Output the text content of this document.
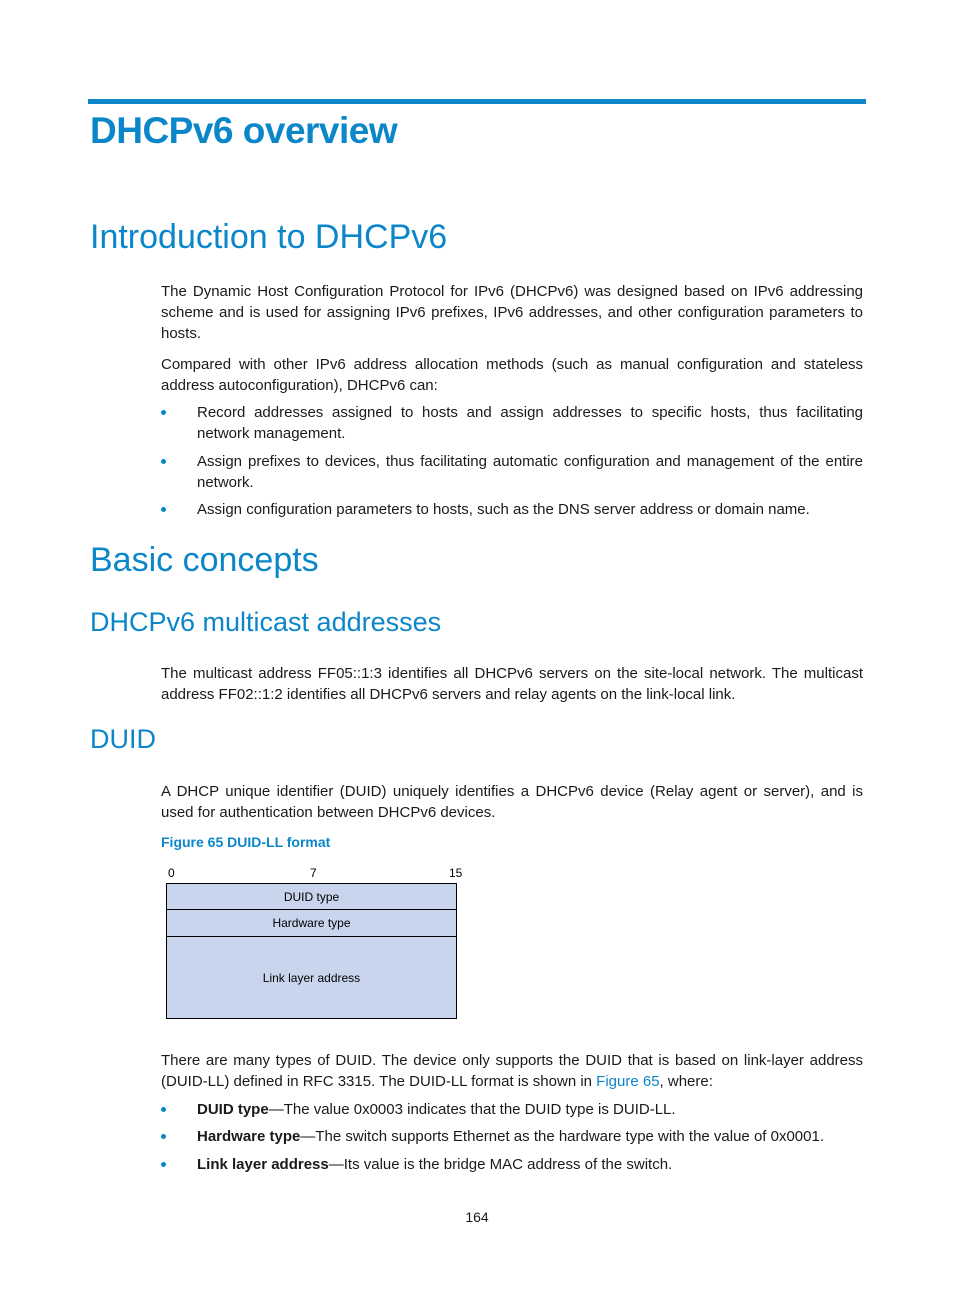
DHCPv6 overview
Introduction to DHCPv6

The Dynamic Host Configuration Protocol for IPv6 (DHCPv6) was designed based on IPv6 addressing scheme and is used for assigning IPv6 prefixes, IPv6 addresses, and other configuration parameters to hosts.

Compared with other IPv6 address allocation methods (such as manual configuration and stateless address autoconfiguration), DHCPv6 can:

Record addresses assigned to hosts and assign addresses to specific hosts, thus facilitating network management.
Assign prefixes to devices, thus facilitating automatic configuration and management of the entire network.
Assign configuration parameters to hosts, such as the DNS server address or domain name.
Basic concepts
DHCPv6 multicast addresses

The multicast address FF05::1:3 identifies all DHCPv6 servers on the site-local network. The multicast address FF02::1:2 identifies all DHCPv6 servers and relay agents on the link-local link.

DUID

A DHCP unique identifier (DUID) uniquely identifies a DHCPv6 device (Relay agent or server), and is used for authentication between DHCPv6 devices.

Figure 65 DUID-LL format

0	7	15
DUID type
Hardware type
Link layer address

There are many types of DUID. The device only supports the DUID that is based on link-layer address (DUID-LL) defined in RFC 3315. The DUID-LL format is shown in Figure 65, where:

DUID type—The value 0x0003 indicates that the DUID type is DUID-LL.
Hardware type—The switch supports Ethernet as the hardware type with the value of 0x0001.
Link layer address—Its value is the bridge MAC address of the switch.
164
